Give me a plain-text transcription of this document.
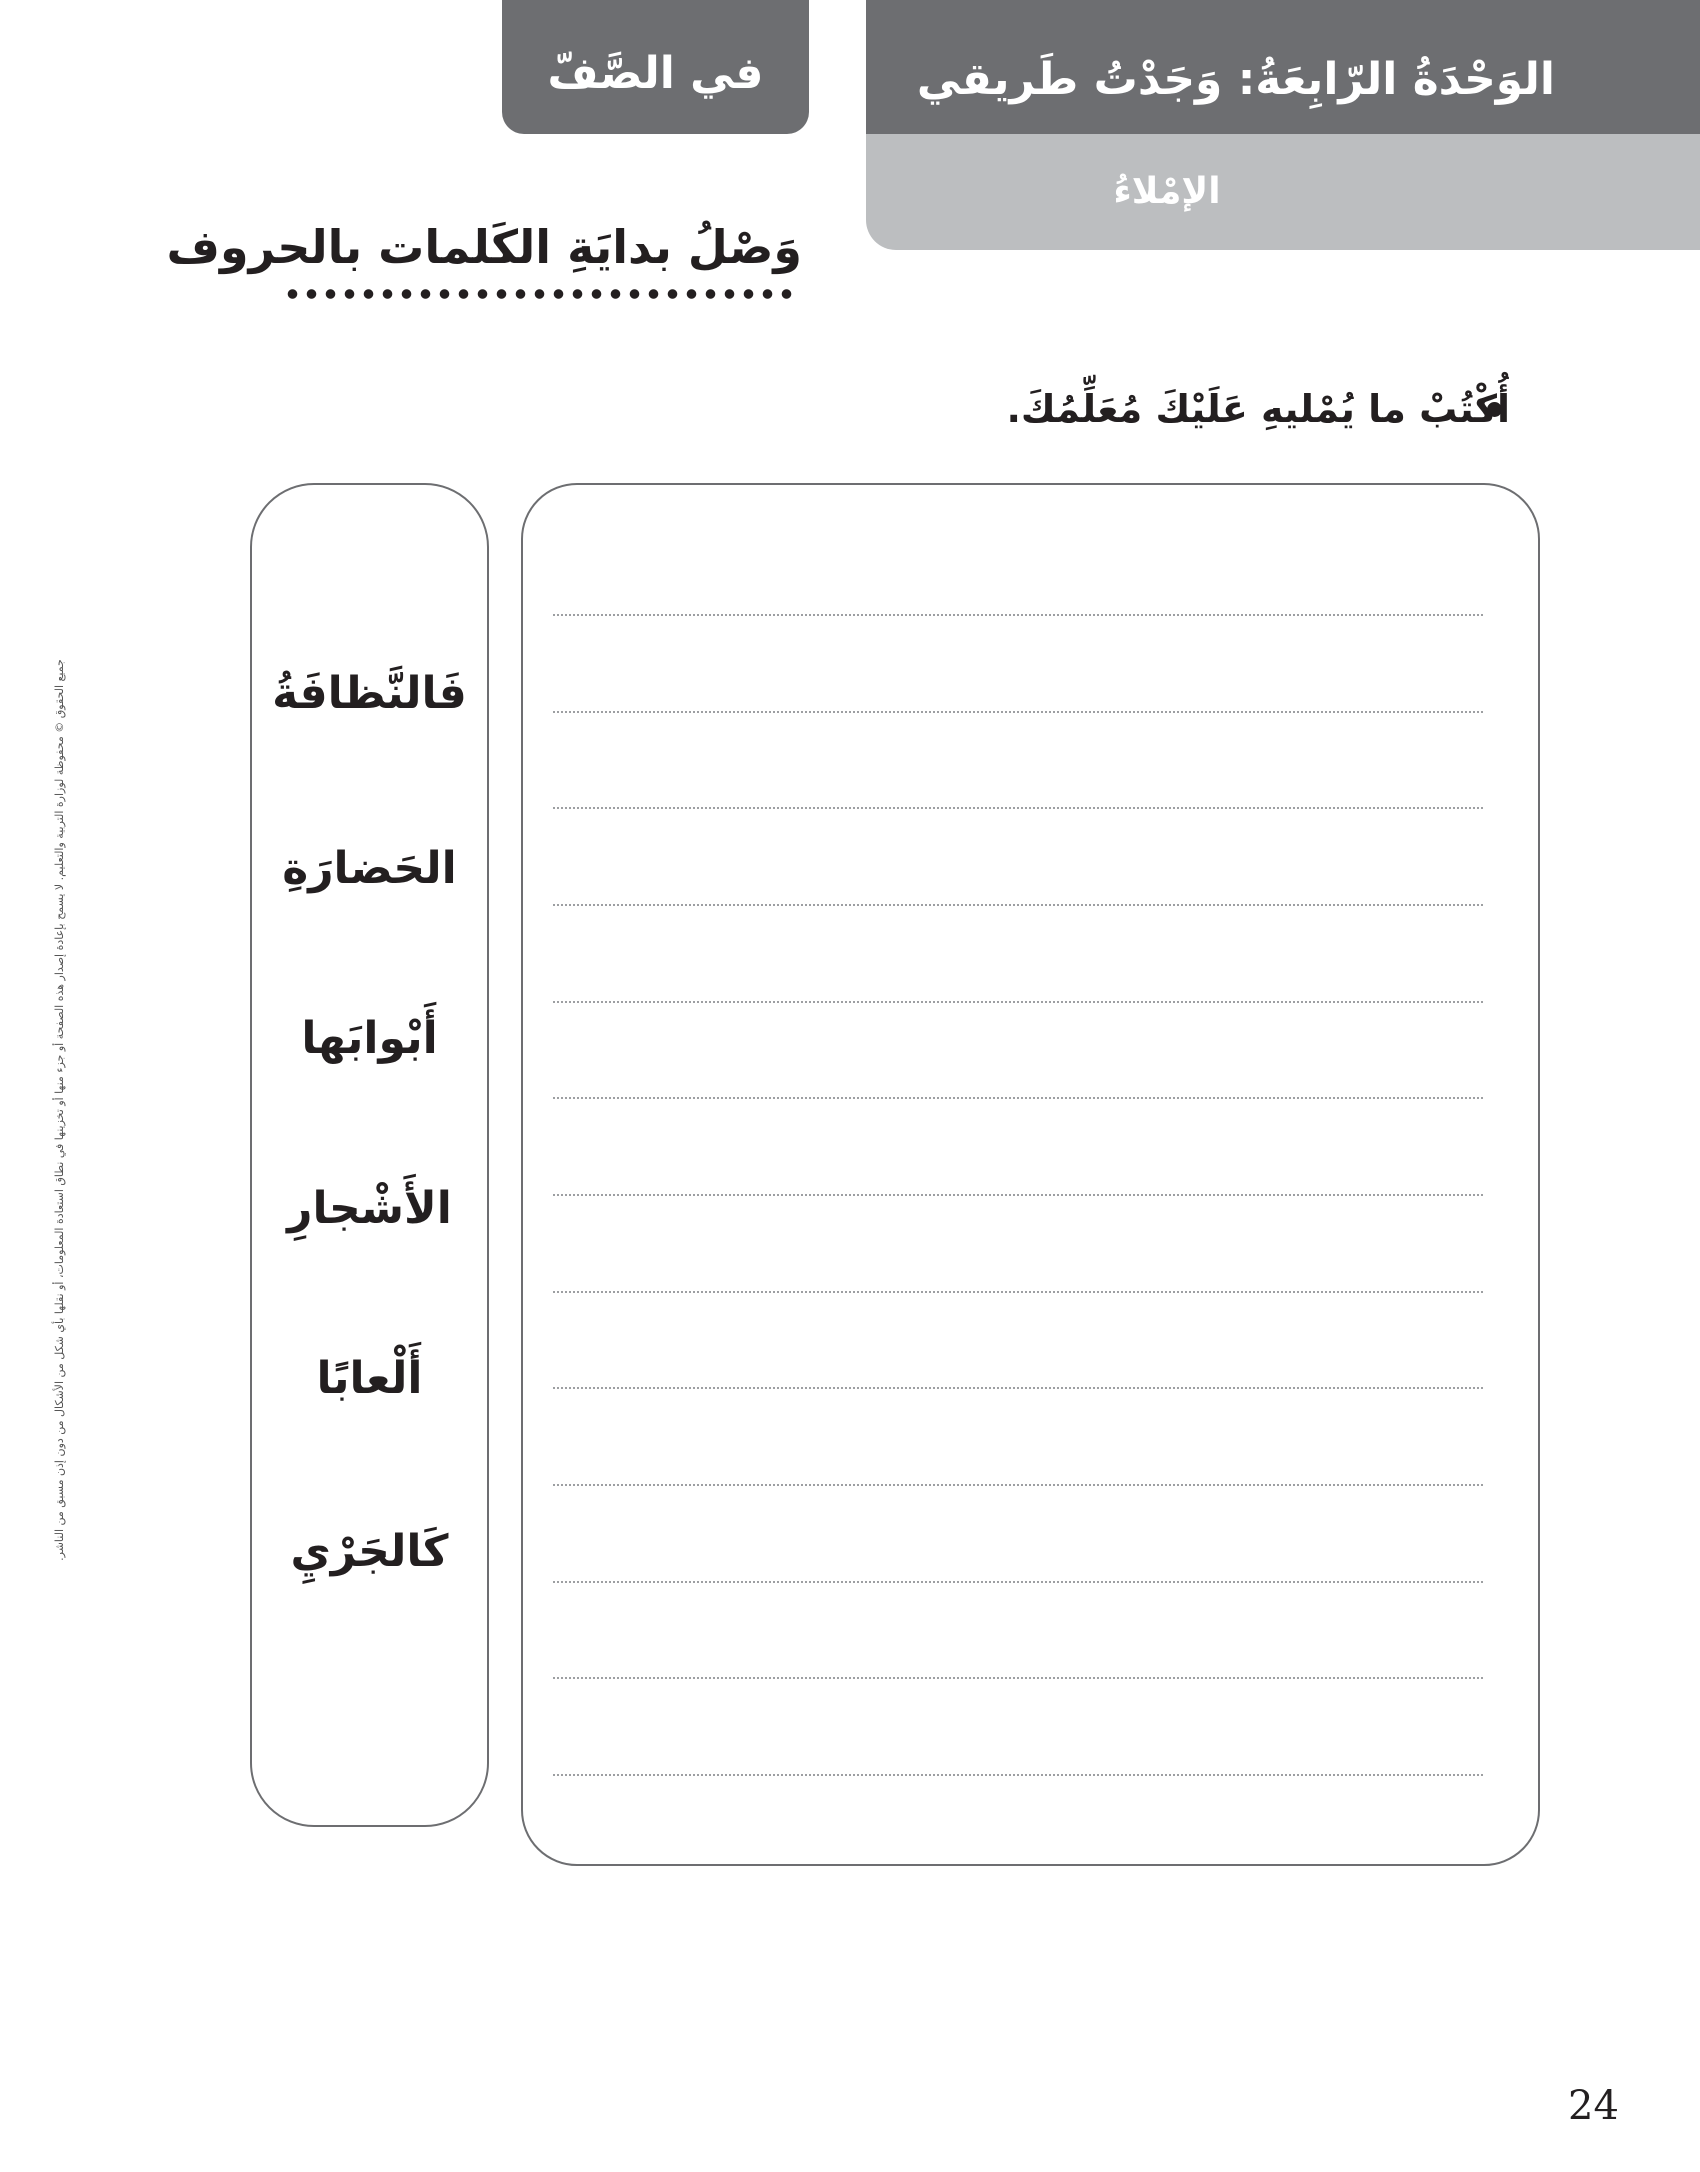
في الصَّفّ	الوَحْدَةُ الرّابِعَةُ: وَجَدْتُ طَريقي
الإمْلاءُ
وَصْلُ بدايَةِ الكَلمات بالحروف
أُكْتُبْ ما يُمْليهِ عَلَيْكَ مُعَلِّمُكَ.
فَالنَّظافَةُ
الحَضارَةِ
أَبْوابَها
الأَشْجارِ
أَلْعابًا
كَالجَرْيِ
جميع الحقوق © محفوظة لوزارة التربية والتعليم. لا يسمح بإعادة إصدار هذه الصفحة أو جزء منها أو تخزينها في نطاق استعادة المعلومات، أو نقلها بأي شكل من الأشكال من دون إذن مسبق من الناشر.
24
